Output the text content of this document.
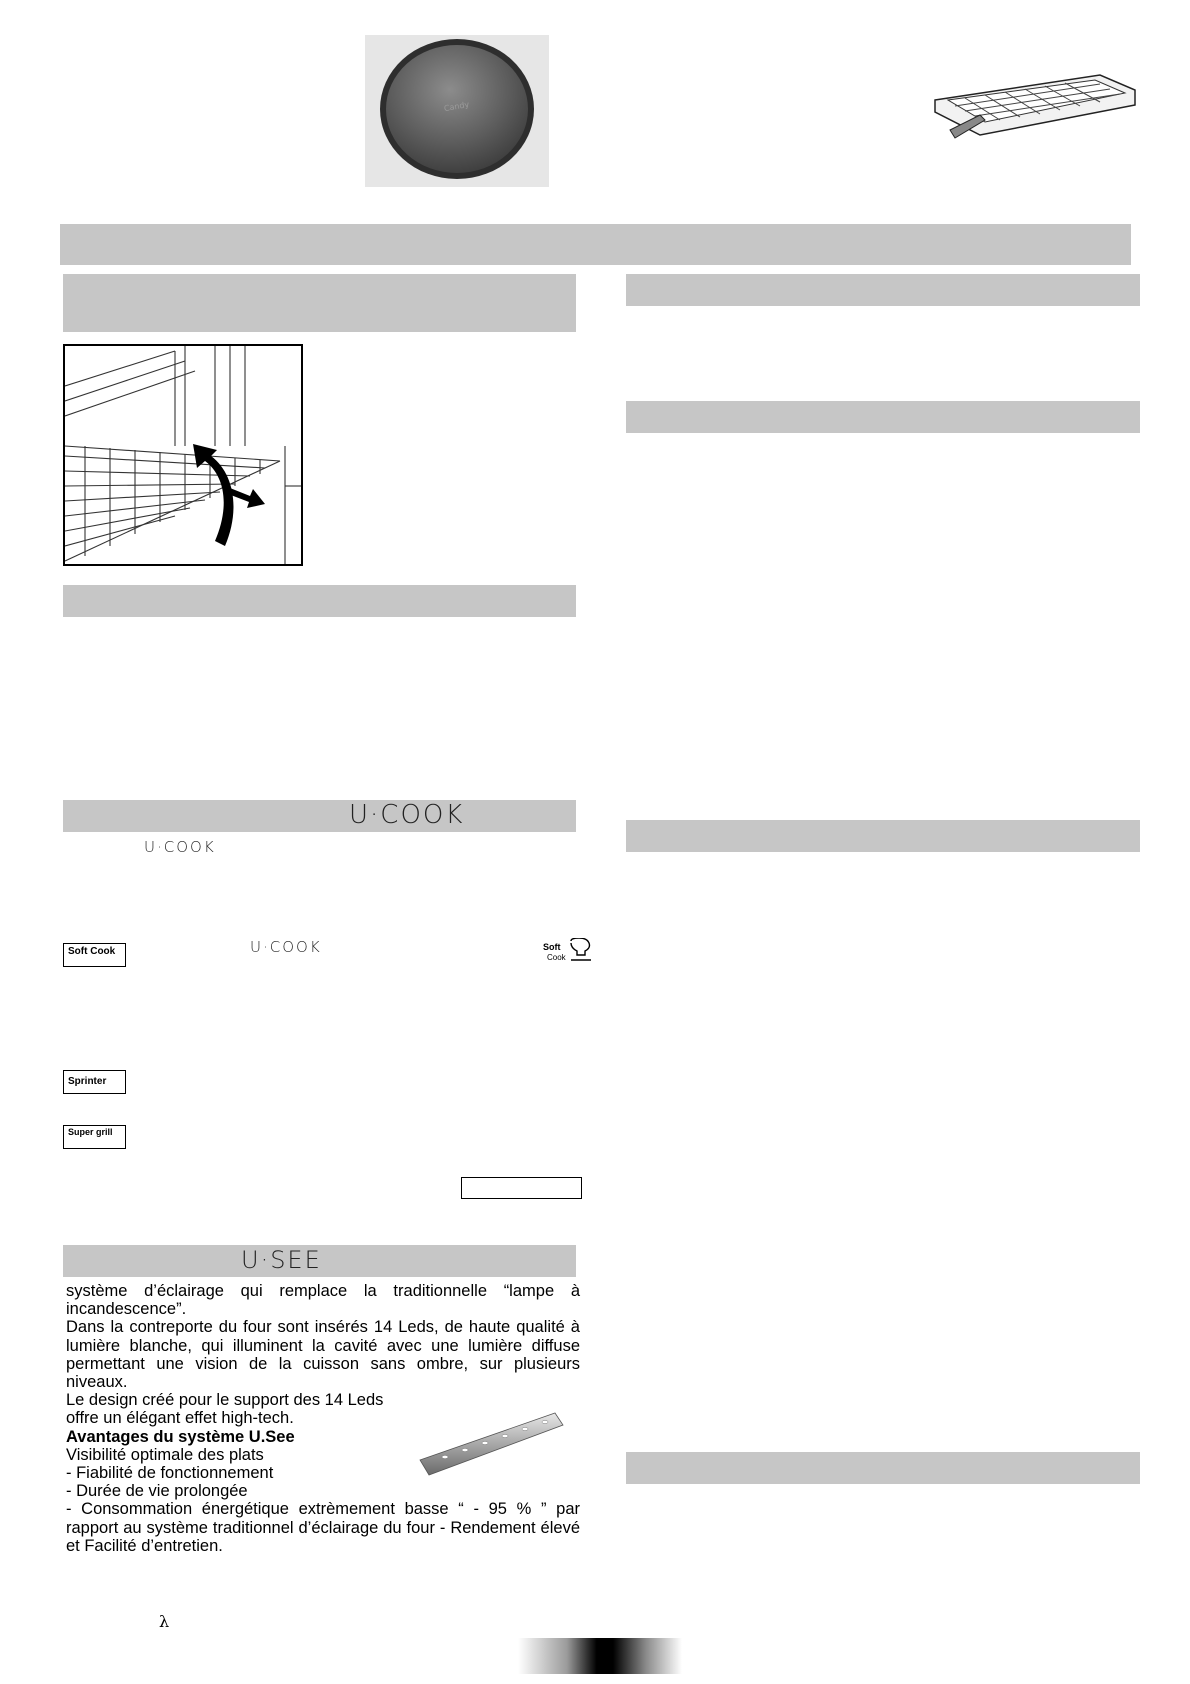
Candy
U·COOK
U·COOK
Soft Cook	U·COOK	Soft
Cook
Sprinter
Super grill
U·SEE

système d’éclairage qui remplace la traditionnelle “lampe à incandescence”.

Dans la contreporte du four sont insérés 14 Leds, de haute qualité à lumière blanche, qui illuminent la cavité avec une lumière diffuse permettant une vision de la cuisson sans ombre, sur plusieurs niveaux.

Le design créé pour le support des 14 Leds offre un élégant effet high-tech.

Avantages du système U.See

Visibilité optimale des plats

- Fiabilité de fonctionnement

- Durée de vie prolongée

- Consommation énergétique extrèmement basse “ - 95 % ” par rapport au système traditionnel d’éclairage du four - Rendement élevé et Facilité d’entretien.

λ
